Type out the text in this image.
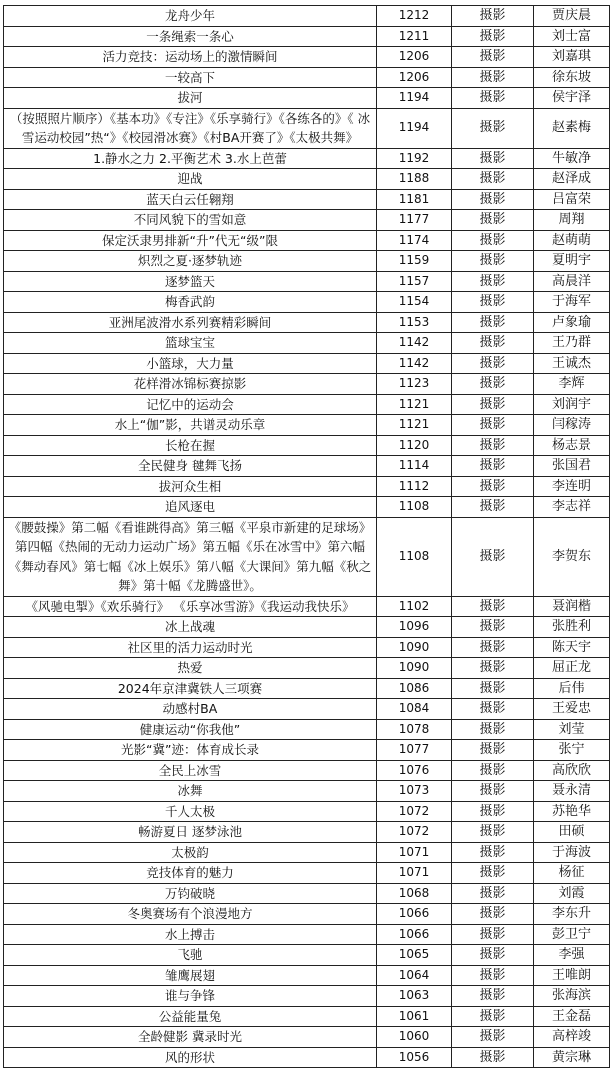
龙舟少年	1212	摄影	贾庆晨
一条绳索一条心	1211	摄影	刘士富
活力竞技：运动场上的激情瞬间	1206	摄影	刘嘉琪
一较高下	1206	摄影	徐东坡
拔河	1194	摄影	侯宇泽
（按照照片顺序）《基本功》《专注》《乐享骑行》《各练各的》《 冰雪运动校园”热“》《校园滑冰赛》《村BA开赛了》《太极共舞》	1194	摄影	赵素梅
1.静水之力 2.平衡艺术 3.水上芭蕾	1192	摄影	牛敏净
迎战	1188	摄影	赵泽成
蓝天白云任翱翔	1181	摄影	吕富荣
不同风貌下的雪如意	1177	摄影	周翔
保定沃隶男排新“升”代无“级”限	1174	摄影	赵萌萌
炽烈之夏·逐梦轨迹	1159	摄影	夏明宇
逐梦篮天	1157	摄影	高晨洋
梅香武韵	1154	摄影	于海军
亚洲尾波滑水系列赛精彩瞬间	1153	摄影	卢象瑜
篮球宝宝	1142	摄影	王乃群
小篮球，大力量	1142	摄影	王诚杰
花样滑冰锦标赛掠影	1123	摄影	李辉
记忆中的运动会	1121	摄影	刘润宇
水上“伽”影，共谱灵动乐章	1121	摄影	闫稼涛
长枪在握	1120	摄影	杨志景
全民健身 毽舞飞扬	1114	摄影	张国君
拔河众生相	1112	摄影	李连明
追风逐电	1108	摄影	李志祥
《腰鼓操》第二幅《看谁跳得高》第三幅《平泉市新建的足球场》第四幅《热闹的无动力运动广场》第五幅《乐在冰雪中》第六幅《舞动春风》第七幅《冰上娱乐》第八幅《大课间》第九幅《秋之舞》第十幅《龙腾盛世》。	1108	摄影	李贺东
《风驰电掣》《欢乐骑行》 《乐享冰雪游》《我运动我快乐》	1102	摄影	聂润楷
冰上战魂	1096	摄影	张胜利
社区里的活力运动时光	1090	摄影	陈天宇
热爱	1090	摄影	屈正龙
2024年京津冀铁人三项赛	1086	摄影	后伟
动感村BA	1084	摄影	王爱忠
健康运动“你我他”	1078	摄影	刘莹
光影“冀”迹：体育成长录	1077	摄影	张宁
全民上冰雪	1076	摄影	高欣欣
冰舞	1073	摄影	聂永清
千人太极	1072	摄影	苏艳华
畅游夏日 逐梦泳池	1072	摄影	田硕
太极韵	1071	摄影	于海波
竞技体育的魅力	1071	摄影	杨征
万钧破晓	1068	摄影	刘霞
冬奥赛场有个浪漫地方	1066	摄影	李东升
水上搏击	1066	摄影	彭卫宁
飞驰	1065	摄影	李强
雏鹰展翅	1064	摄影	王唯朗
谁与争锋	1063	摄影	张海滨
公益能量兔	1061	摄影	王金磊
全龄健影 冀录时光	1060	摄影	高梓竣
风的形状	1056	摄影	黄宗琳
